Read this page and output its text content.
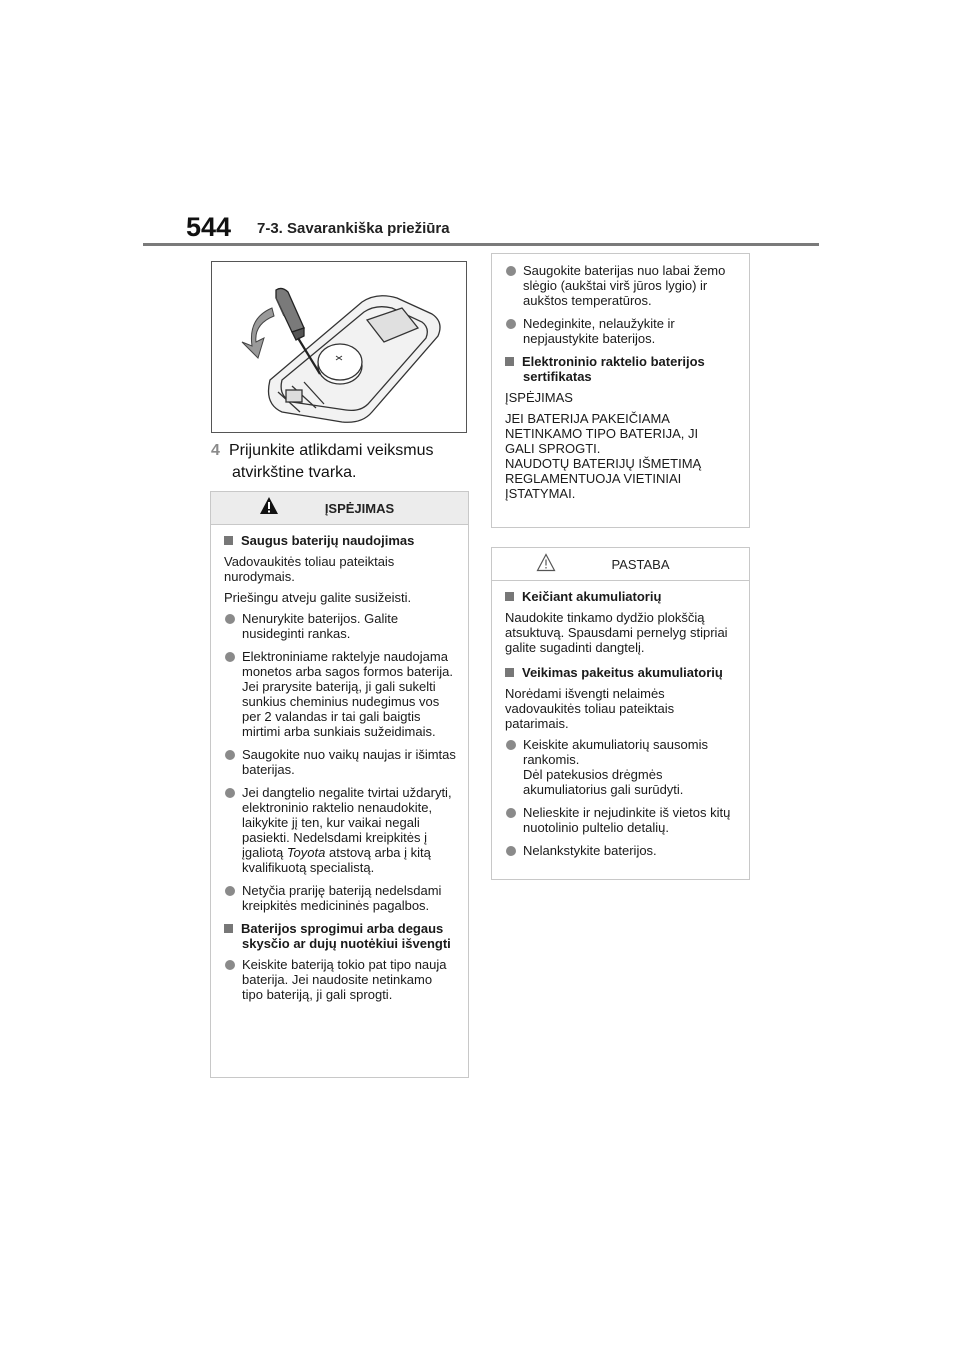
544 7-3. Savarankiška priežiūra
4 Prijunkite atlikdami veiksmus
atvirkštine tvarka.
ĮSPĖJIMAS
Saugus baterijų naudojimas
Vadovaukitės toliau pateiktais nurodymais.
Priešingu atveju galite susižeisti.
Nenurykite baterijos. Galite nusideginti rankas.
Elektroniniame raktelyje naudojama monetos arba sagos formos baterija. Jei prarysite bateriją, ji gali sukelti sunkius cheminius nudegimus vos per 2 valandas ir tai gali baigtis mirtimi arba sunkiais sužeidimais.
Saugokite nuo vaikų naujas ir išimtas baterijas.
Jei dangtelio negalite tvirtai uždaryti, elektroninio raktelio nenaudokite, laikykite jį ten, kur vaikai negali pasiekti. Nedelsdami kreipkitės į įgaliotą Toyota atstovą arba į kitą kvalifikuotą specialistą.
Netyčia prariję bateriją nedelsdami kreipkitės medicininės pagalbos.
Baterijos sprogimui arba degaus skysčio ar dujų nuotėkiui išvengti
Keiskite bateriją tokio pat tipo nauja baterija. Jei naudosite netinkamo tipo bateriją, ji gali sprogti.
Saugokite baterijas nuo labai žemo slėgio (aukštai virš jūros lygio) ir aukštos temperatūros.
Nedeginkite, nelaužykite ir nepjaustykite baterijos.
Elektroninio raktelio baterijos sertifikatas
ĮSPĖJIMAS
JEI BATERIJA PAKEIČIAMA
NETINKAMO TIPO BATERIJA, JI
GALI SPROGTI.
NAUDOTŲ BATERIJŲ IŠMETIMĄ
REGLAMENTUOJA VIETINIAI
ĮSTATYMAI.
PASTABA
Keičiant akumuliatorių
Naudokite tinkamo dydžio plokščią atsuktuvą. Spausdami pernelyg stipriai galite sugadinti dangtelį.
Veikimas pakeitus akumuliatorių
Norėdami išvengti nelaimės vadovaukitės toliau pateiktais patarimais.
Keiskite akumuliatorių sausomis rankomis.
Dėl patekusios drėgmės akumuliatorius gali surūdyti.
Nelieskite ir nejudinkite iš vietos kitų nuotolinio pultelio detalių.
Nelankstykite baterijos.
